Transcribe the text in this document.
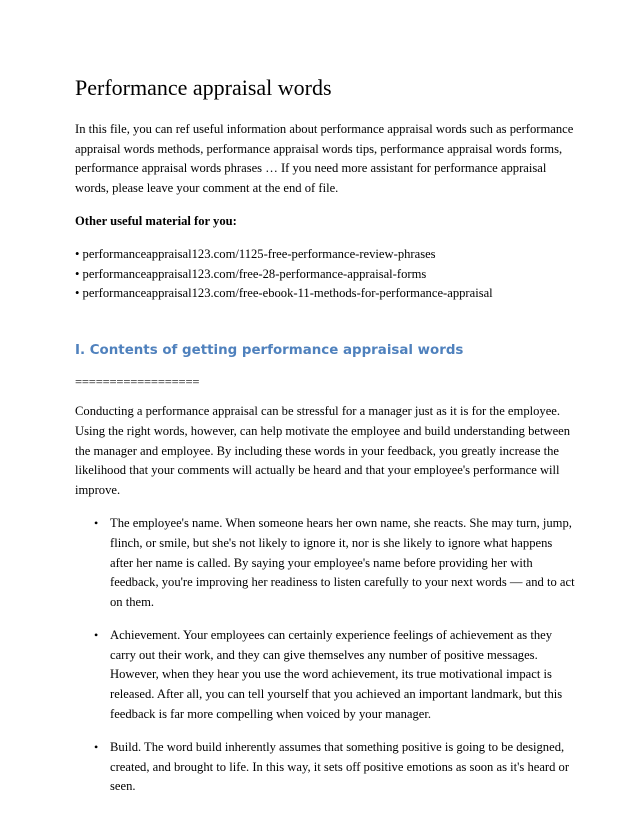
Performance appraisal words

In this file, you can ref useful information about performance appraisal words such as performance appraisal words methods, performance appraisal words tips, performance appraisal words forms, performance appraisal words phrases … If you need more assistant for performance appraisal words, please leave your comment at the end of file.

Other useful material for you:

• performanceappraisal123.com/1125-free-performance-review-phrases
• performanceappraisal123.com/free-28-performance-appraisal-forms
• performanceappraisal123.com/free-ebook-11-methods-for-performance-appraisal
I. Contents of getting performance appraisal words
==================

Conducting a performance appraisal can be stressful for a manager just as it is for the employee. Using the right words, however, can help motivate the employee and build understanding between the manager and employee. By including these words in your feedback, you greatly increase the likelihood that your comments will actually be heard and that your employee's performance will improve.

• The employee's name. When someone hears her own name, she reacts. She may turn, jump, flinch, or smile, but she's not likely to ignore it, nor is she likely to ignore what happens after her name is called. By saying your employee's name before providing her with feedback, you're improving her readiness to listen carefully to your next words — and to act on them.
• Achievement. Your employees can certainly experience feelings of achievement as they carry out their work, and they can give themselves any number of positive messages. However, when they hear you use the word achievement, its true motivational impact is released. After all, you can tell yourself that you achieved an important landmark, but this feedback is far more compelling when voiced by your manager.
• Build. The word build inherently assumes that something positive is going to be designed, created, and brought to life. In this way, it sets off positive emotions as soon as it's heard or seen.
